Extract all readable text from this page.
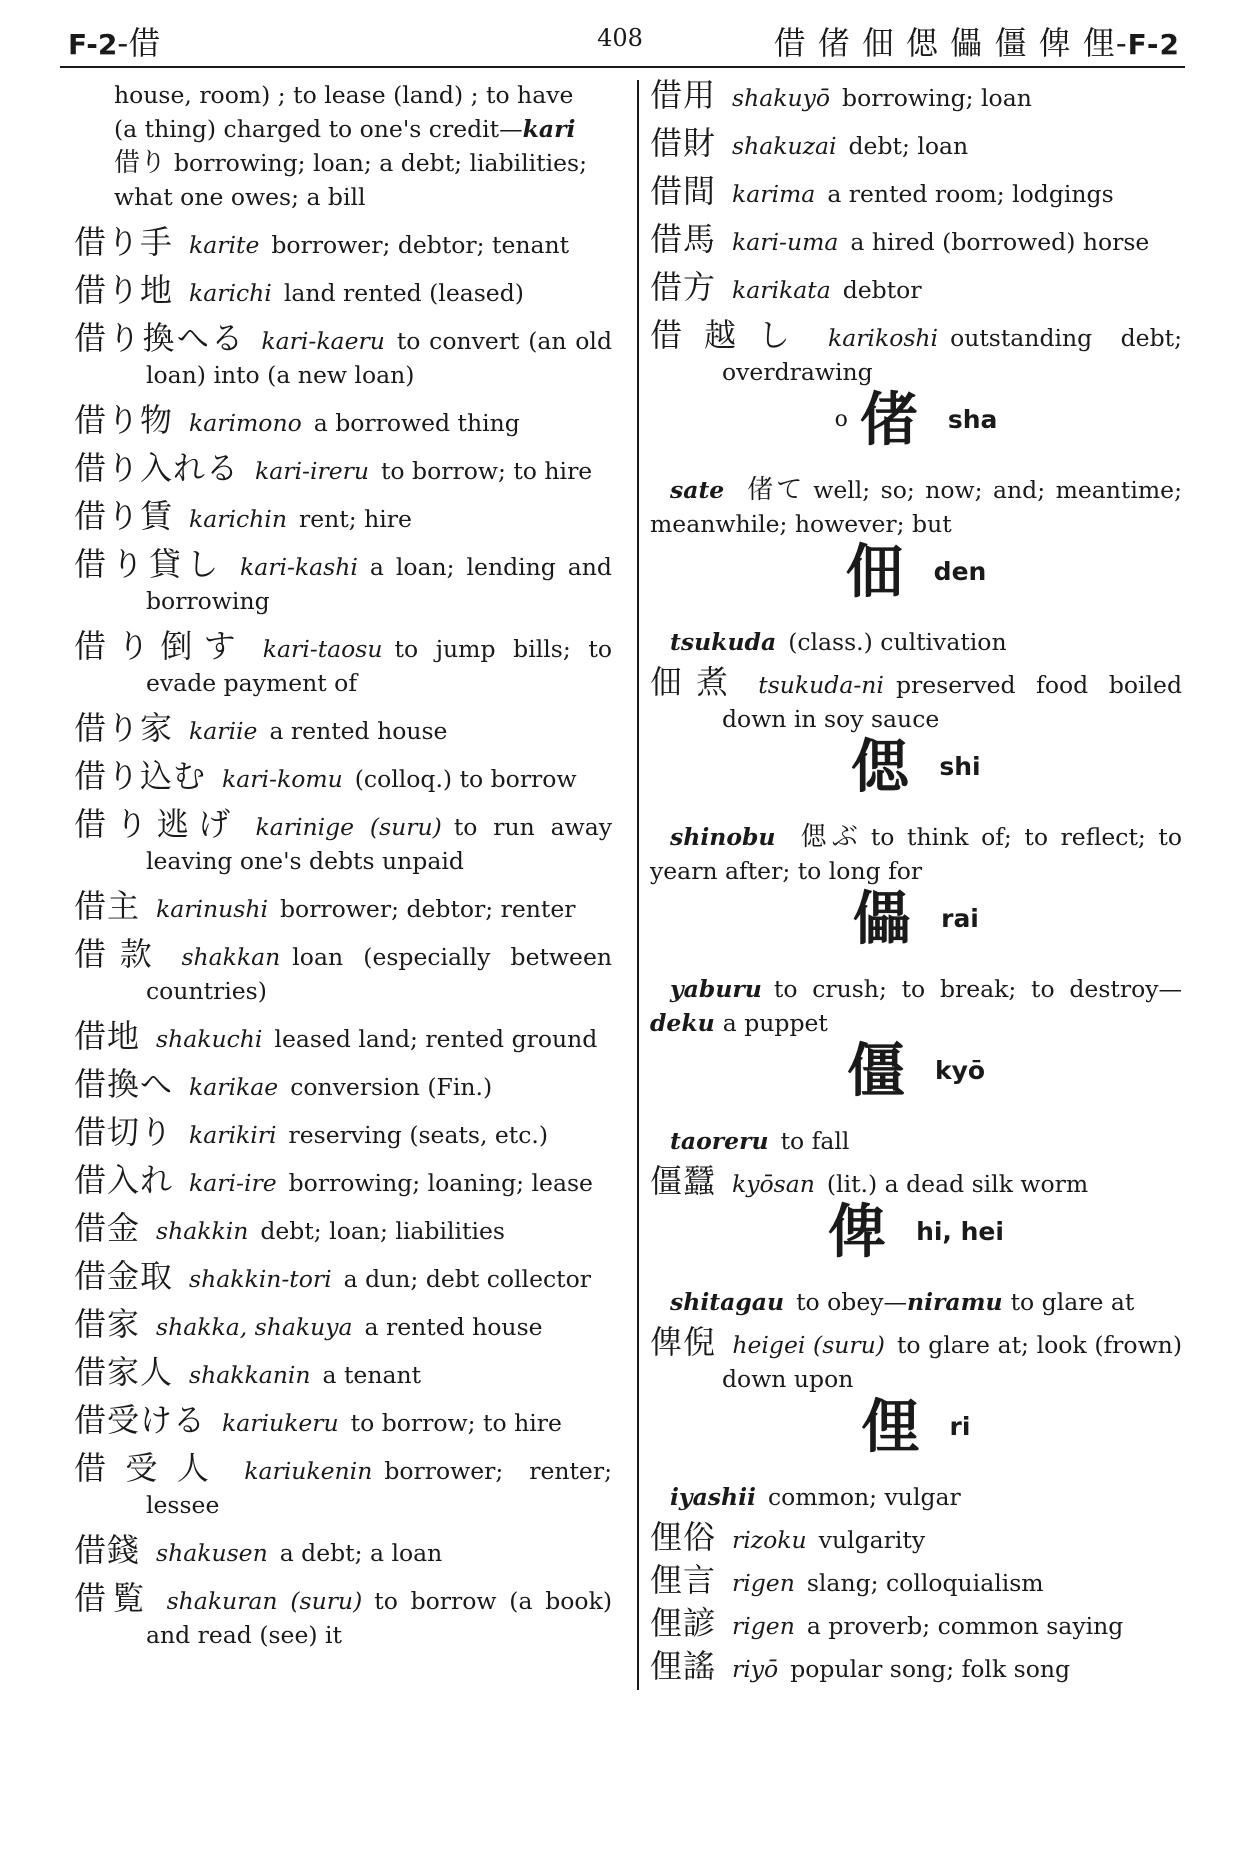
F-2-借	408	借 偖 佃 偲 儡 僵 俾 俚-F-2
house, room) ; to lease (land) ; to have
(a thing) charged to one's credit—kari
借り borrowing; loan; a debt; liabilities;
what one owes; a bill
借り手 karite borrower; debtor; tenant
借り地 karichi land rented (leased)
借り換へる kari-kaeru to convert (an old loan) into (a new loan)
借り物 karimono a borrowed thing
借り入れる kari-ireru to borrow; to hire
借り賃 karichin rent; hire
借り貸し kari-kashi a loan; lending and borrowing
借り倒す kari-taosu to jump bills; to evade payment of
借り家 kariie a rented house
借り込む kari-komu (colloq.) to borrow
借り逃げ karinige (suru) to run away leaving one's debts unpaid
借主 karinushi borrower; debtor; renter
借款 shakkan loan (especially between countries)
借地 shakuchi leased land; rented ground
借換へ karikae conversion (Fin.)
借切り karikiri reserving (seats, etc.)
借入れ kari-ire borrowing; loaning; lease
借金 shakkin debt; loan; liabilities
借金取 shakkin-tori a dun; debt collector
借家 shakka, shakuya a rented house
借家人 shakkanin a tenant
借受ける kariukeru to borrow; to hire
借受人 kariukenin borrower; renter; lessee
借錢 shakusen a debt; a loan
借覧 shakuran (suru) to borrow (a book) and read (see) it
借用 shakuyō borrowing; loan
借財 shakuzai debt; loan
借間 karima a rented room; lodgings
借馬 kari-uma a hired (borrowed) horse
借方 karikata debtor
借越し karikoshi outstanding debt; overdrawing
o 偖 sha
sate 偖て well; so; now; and; meantime; meanwhile; however; but
佃 den
tsukuda (class.) cultivation
佃煮 tsukuda-ni preserved food boiled down in soy sauce
偲 shi
shinobu 偲ぶ to think of; to reflect; to yearn after; to long for
儡 rai
yaburu to crush; to break; to destroy—deku a puppet
僵 kyō
taoreru to fall
僵蠶 kyōsan (lit.) a dead silk worm
俾 hi, hei
shitagau to obey—niramu to glare at
俾倪 heigei (suru) to glare at; look (frown) down upon
俚 ri
iyashii common; vulgar
俚俗 rizoku vulgarity
俚言 rigen slang; colloquialism
俚諺 rigen a proverb; common saying
俚謠 riyō popular song; folk song
